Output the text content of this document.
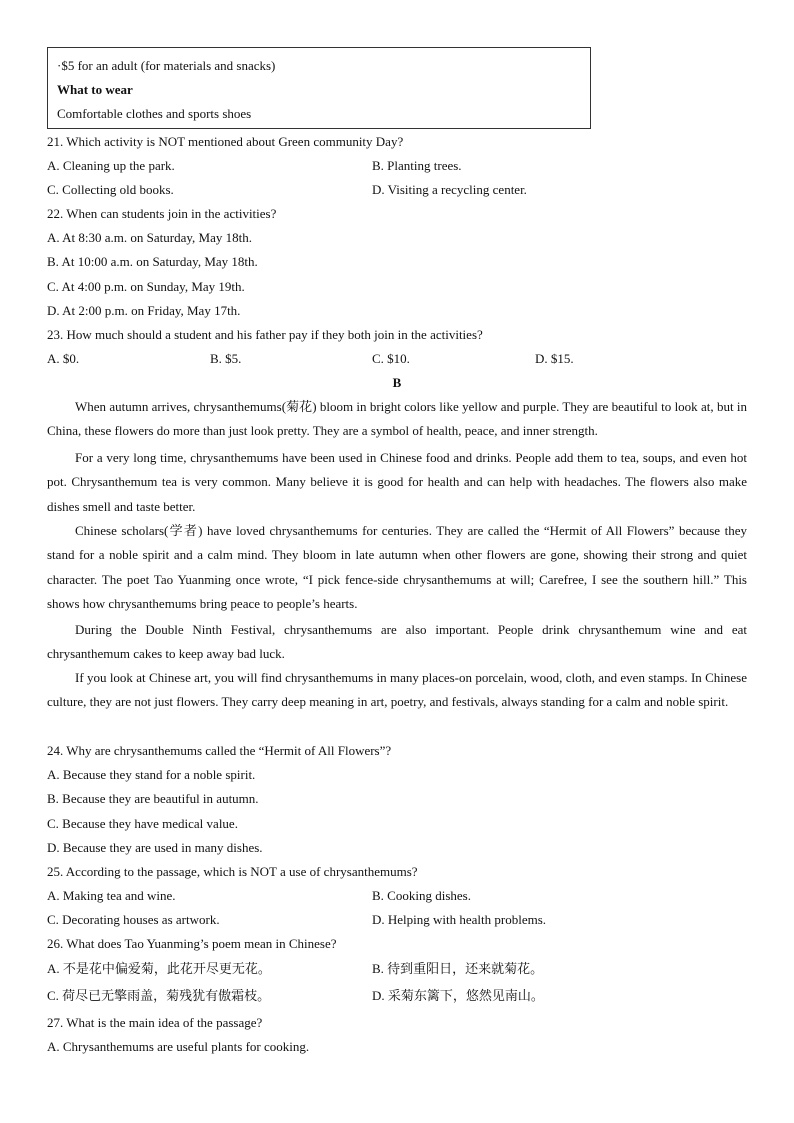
·$5 for an adult (for materials and snacks)
What to wear
Comfortable clothes and sports shoes
21. Which activity is NOT mentioned about Green community Day?
A. Cleaning up the park.	B. Planting trees.
C. Collecting old books.	D. Visiting a recycling center.
22. When can students join in the activities?
A. At 8:30 a.m. on Saturday, May 18th.
B. At 10:00 a.m. on Saturday, May 18th.
C. At 4:00 p.m. on Sunday, May 19th.
D. At 2:00 p.m. on Friday, May 17th.
23. How much should a student and his father pay if they both join in the activities?
A. $0.	B. $5.	C. $10.	D. $15.
B

When autumn arrives, chrysanthemums(菊花) bloom in bright colors like yellow and purple. They are beautiful to look at, but in China, these flowers do more than just look pretty. They are a symbol of health, peace, and inner strength.

For a very long time, chrysanthemums have been used in Chinese food and drinks. People add them to tea, soups, and even hot pot. Chrysanthemum tea is very common. Many believe it is good for health and can help with headaches. The flowers also make dishes smell and taste better.

Chinese scholars(学者) have loved chrysanthemums for centuries. They are called the “Hermit of All Flowers” because they stand for a noble spirit and a calm mind. They bloom in late autumn when other flowers are gone, showing their strong and quiet character. The poet Tao Yuanming once wrote, “I pick fence-side chrysanthemums at will; Carefree, I see the southern hill.” This shows how chrysanthemums bring peace to people’s hearts.

During the Double Ninth Festival, chrysanthemums are also important. People drink chrysanthemum wine and eat chrysanthemum cakes to keep away bad luck.

If you look at Chinese art, you will find chrysanthemums in many places-on porcelain, wood, cloth, and even stamps. In Chinese culture, they are not just flowers. They carry deep meaning in art, poetry, and festivals, always standing for a calm and noble spirit.

24. Why are chrysanthemums called the “Hermit of All Flowers”?
A. Because they stand for a noble spirit.
B. Because they are beautiful in autumn.
C. Because they have medical value.
D. Because they are used in many dishes.
25. According to the passage, which is NOT a use of chrysanthemums?
A. Making tea and wine.	B. Cooking dishes.
C. Decorating houses as artwork.	D. Helping with health problems.
26. What does Tao Yuanming’s poem mean in Chinese?
A. 不是花中偏爱菊，此花开尽更无花。	B. 待到重阳日，还来就菊花。
C. 荷尽已无擎雨盖，菊残犹有傲霜枝。	D. 采菊东篱下，悠然见南山。
27. What is the main idea of the passage?
A. Chrysanthemums are useful plants for cooking.
